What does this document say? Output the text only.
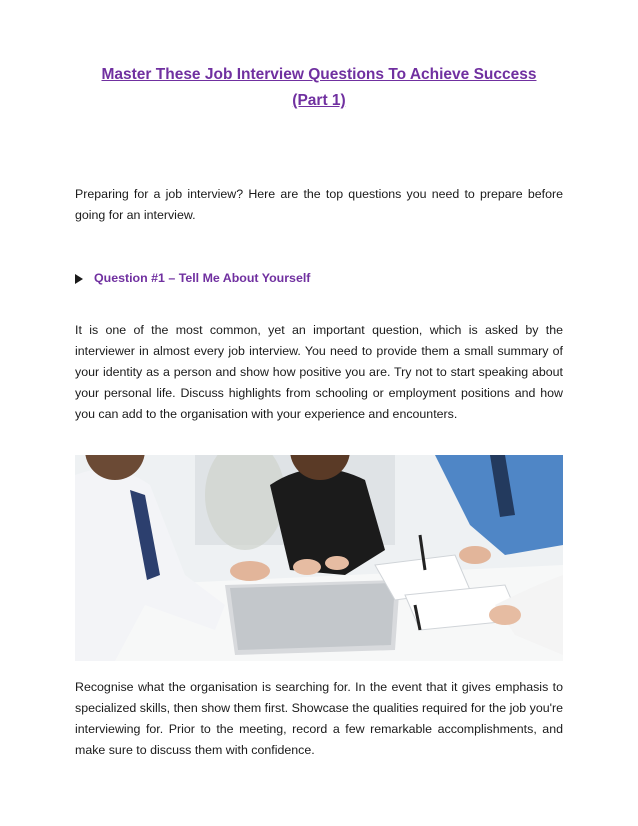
Master These Job Interview Questions To Achieve Success
(Part 1)

Preparing for a job interview? Here are the top questions you need to prepare before going for an interview.

Question #1 – Tell Me About Yourself

It is one of the most common, yet an important question, which is asked by the interviewer in almost every job interview. You need to provide them a small summary of your identity as a person and show how positive you are. Try not to start speaking about your personal life. Discuss highlights from schooling or employment positions and how you can add to the organisation with your experience and encounters.

Recognise what the organisation is searching for. In the event that it gives emphasis to specialized skills, then show them first. Showcase the qualities required for the job you're interviewing for. Prior to the meeting, record a few remarkable accomplishments, and make sure to discuss them with confidence.
